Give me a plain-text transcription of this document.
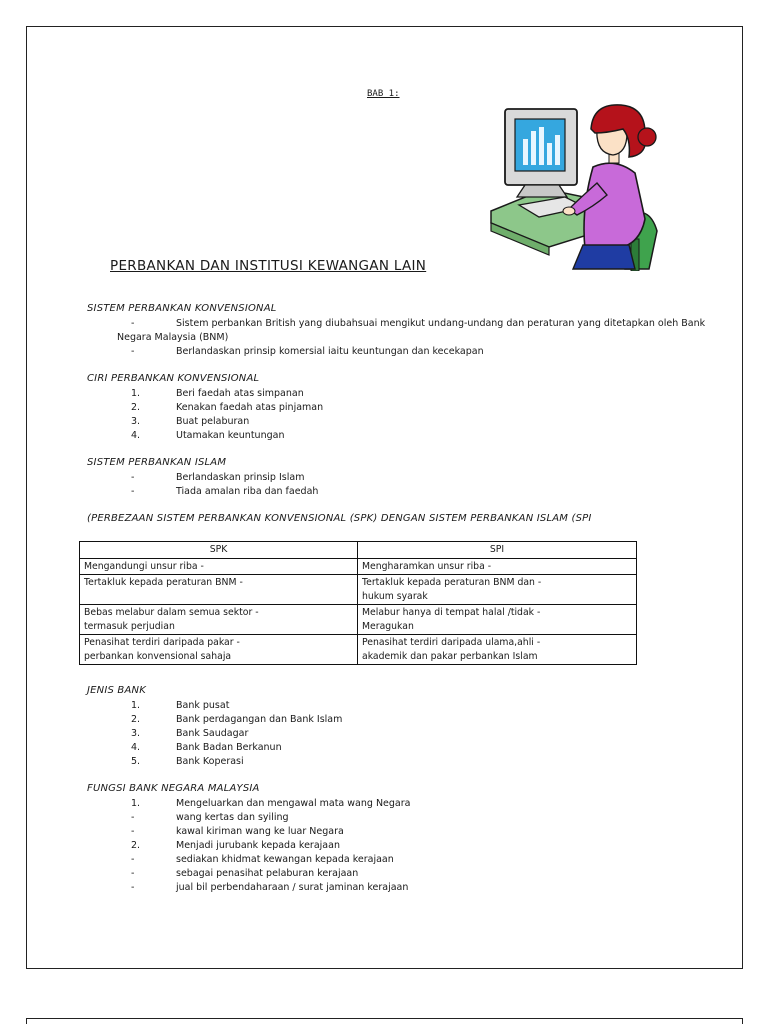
BAB 1:
PERBANKAN DAN INSTITUSI KEWANGAN LAIN
SISTEM PERBANKAN KONVENSIONAL
-	Sistem perbankan British yang diubahsuai mengikut undang-undang dan peraturan yang ditetapkan oleh Bank
Negara Malaysia (BNM)
-	Berlandaskan prinsip komersial iaitu keuntungan dan kecekapan
CIRI PERBANKAN KONVENSIONAL
1.	Beri faedah atas simpanan
2.	Kenakan faedah atas pinjaman
3.	Buat pelaburan
4.	Utamakan keuntungan
SISTEM PERBANKAN ISLAM
-	Berlandaskan prinsip Islam
-	Tiada amalan riba dan faedah
(PERBEZAAN SISTEM PERBANKAN KONVENSIONAL (SPK) DENGAN SISTEM PERBANKAN ISLAM (SPI
SPK	SPI
Mengandungi unsur riba -	Mengharamkan unsur riba -
Tertakluk kepada peraturan BNM -	Tertakluk kepada peraturan BNM dan -
hukum syarak
Bebas melabur dalam semua sektor -
termasuk perjudian	Melabur hanya di tempat halal /tidak -
Meragukan
Penasihat terdiri daripada pakar -
perbankan konvensional sahaja	Penasihat terdiri daripada ulama,ahli -
akademik dan pakar perbankan Islam
JENIS BANK
1.	Bank pusat
2.	Bank perdagangan dan Bank Islam
3.	Bank Saudagar
4.	Bank Badan Berkanun
5.	Bank Koperasi
FUNGSI BANK NEGARA MALAYSIA
1.	Mengeluarkan dan mengawal mata wang Negara
-	wang kertas dan syiling
-	kawal kiriman wang ke luar Negara
2.	Menjadi jurubank kepada kerajaan
-	sediakan khidmat kewangan kepada kerajaan
-	sebagai penasihat pelaburan kerajaan
-	jual bil perbendaharaan / surat jaminan kerajaan
